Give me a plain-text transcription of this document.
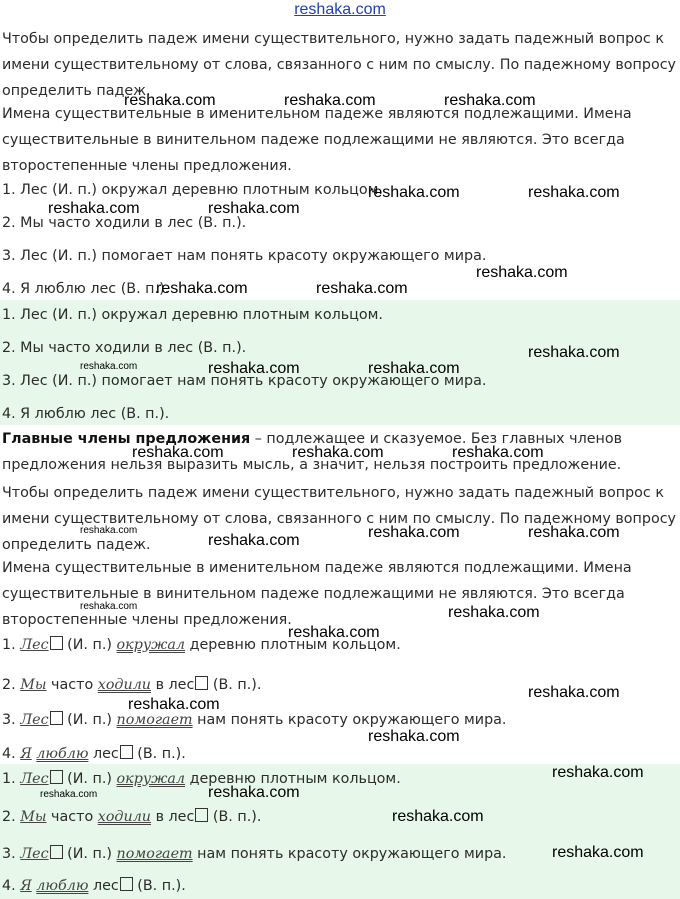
reshaka.com

Чтобы определить падеж имени существительного, нужно задать падежный вопрос к имени существительному от слова, связанного с ним по смыслу. По падежному вопросу определить падеж.

Имена существительные в именительном падеже являются подлежащими. Имена существительные в винительном падеже подлежащими не являются. Это всегда второстепенные члены предложения.

1. Лес (И. п.) окружал деревню плотным кольцом.
2. Мы часто ходили в лес (В. п.).
3. Лес (И. п.) помогает нам понять красоту окружающего мира.
4. Я люблю лес (В. п.).
1. Лес (И. п.) окружал деревню плотным кольцом.
2. Мы часто ходили в лес (В. п.).
3. Лес (И. п.) помогает нам понять красоту окружающего мира.
4. Я люблю лес (В. п.).

Главные члены предложения – подлежащее и сказуемое. Без главных членов предложения нельзя выразить мысль, а значит, нельзя построить предложение.

Чтобы определить падеж имени существительного, нужно задать падежный вопрос к имени существительному от слова, связанного с ним по смыслу. По падежному вопросу определить падеж.

Имена существительные в именительном падеже являются подлежащими. Имена существительные в винительном падеже подлежащими не являются. Это всегда второстепенные члены предложения.

1. Лес (И. п.) окружал деревню плотным кольцом.
2. Мы часто ходили в лес (В. п.).
3. Лес (И. п.) помогает нам понять красоту окружающего мира.
4. Я люблю лес (В. п.).
1. Лес (И. п.) окружал деревню плотным кольцом.
2. Мы часто ходили в лес (В. п.).
3. Лес (И. п.) помогает нам понять красоту окружающего мира.
4. Я люблю лес (В. п.).
reshaka.com	reshaka.com	reshaka.com
reshaka.com	reshaka.com
reshaka.com	reshaka.com
reshaka.com
reshaka.com	reshaka.com
reshaka.com
reshaka.com	reshaka.com	reshaka.com
reshaka.com	reshaka.com	reshaka.com
reshaka.com	reshaka.com
reshaka.com
reshaka.com
reshaka.com
reshaka.com
reshaka.com
reshaka.com
reshaka.com
reshaka.com
reshaka.com
reshaka.com
reshaka.com
reshaka.com
reshaka.com
